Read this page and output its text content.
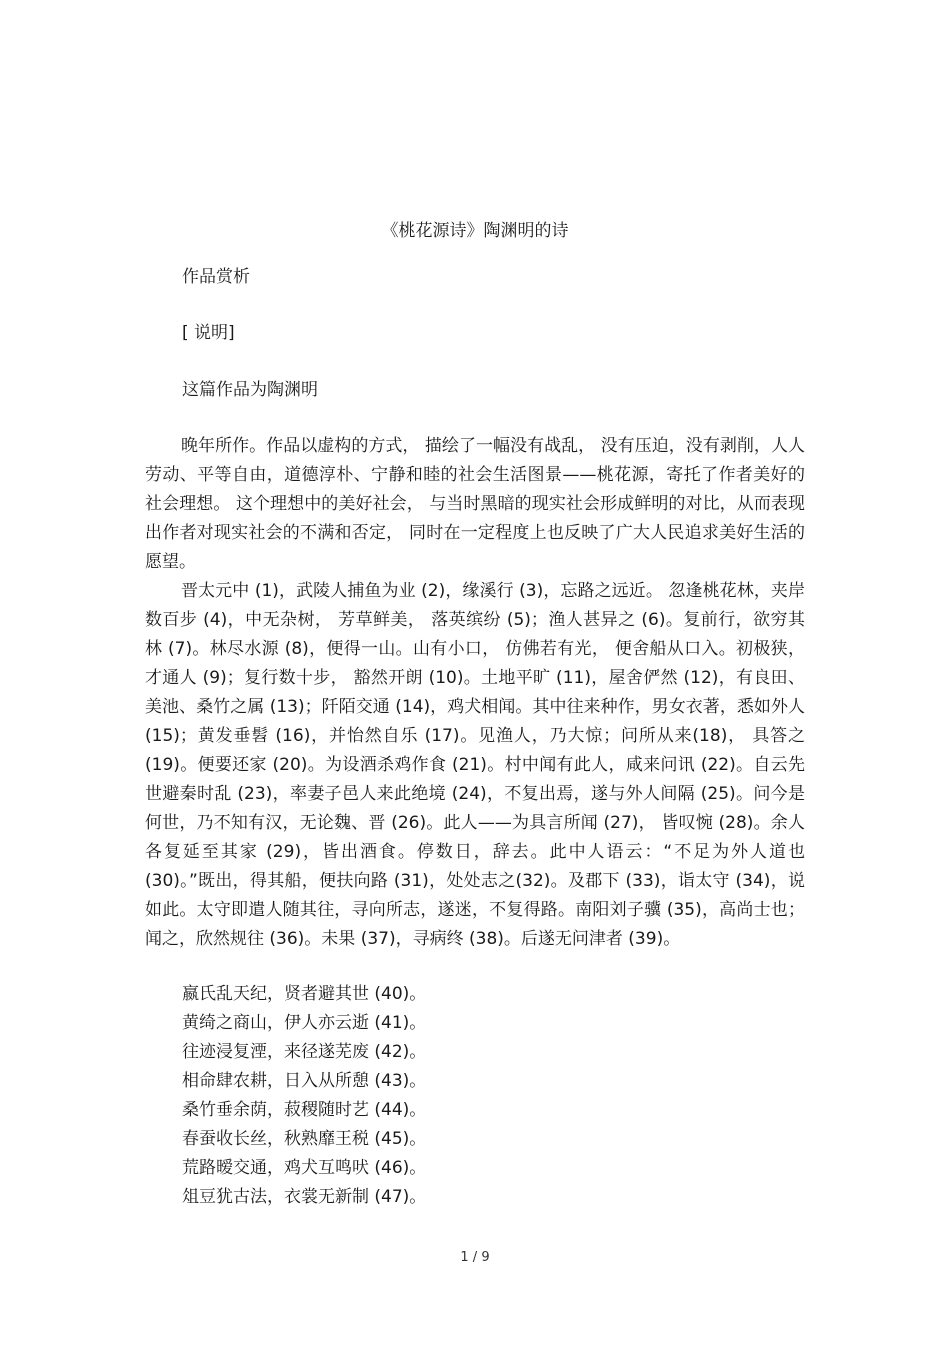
《桃花源诗》陶渊明的诗
作品赏析
[ 说明]
这篇作品为陶渊明

晚年所作。作品以虚构的方式， 描绘了一幅没有战乱， 没有压迫，没有剥削，人人劳动、平等自由，道德淳朴、宁静和睦的社会生活图景——桃花源，寄托了作者美好的社会理想。 这个理想中的美好社会， 与当时黑暗的现实社会形成鲜明的对比，从而表现出作者对现实社会的不满和否定， 同时在一定程度上也反映了广大人民追求美好生活的愿望。

晋太元中 (1)，武陵人捕鱼为业 (2)，缘溪行 (3)，忘路之远近。 忽逢桃花林，夹岸数百步 (4)，中无杂树， 芳草鲜美， 落英缤纷 (5)；渔人甚异之 (6)。复前行，欲穷其林 (7)。林尽水源 (8)，便得一山。山有小口， 仿佛若有光， 便舍船从口入。初极狭，才通人 (9)；复行数十步， 豁然开朗 (10)。土地平旷 (11)，屋舍俨然 (12)，有良田、美池、桑竹之属 (13)；阡陌交通 (14)，鸡犬相闻。其中往来种作，男女衣著，悉如外人 (15)；黄发垂髫 (16)，并怡然自乐 (17)。见渔人，乃大惊；问所从来(18)， 具答之 (19)。便要还家 (20)。为设酒杀鸡作食 (21)。村中闻有此人，咸来问讯 (22)。自云先世避秦时乱 (23)，率妻子邑人来此绝境 (24)，不复出焉，遂与外人间隔 (25)。问今是何世，乃不知有汉，无论魏、晋 (26)。此人——为具言所闻 (27)， 皆叹惋 (28)。余人各复延至其家 (29)，皆出酒食。停数日，辞去。此中人语云：“不足为外人道也 (30)。”既出，得其船，便扶向路 (31)，处处志之(32)。及郡下 (33)，诣太守 (34)，说如此。太守即遣人随其往，寻向所志，遂迷，不复得路。南阳刘子骥 (35)，高尚士也；闻之，欣然规往 (36)。未果 (37)，寻病终 (38)。后遂无问津者 (39)。

嬴氏乱天纪，贤者避其世 (40)。
黄绮之商山，伊人亦云逝 (41)。
往迹浸复湮，来径遂芜废 (42)。
相命肆农耕，日入从所憩 (43)。
桑竹垂余荫，菽稷随时艺 (44)。
春蚕收长丝，秋熟靡王税 (45)。
荒路暧交通，鸡犬互鸣吠 (46)。
俎豆犹古法，衣裳无新制 (47)。
1 / 9
